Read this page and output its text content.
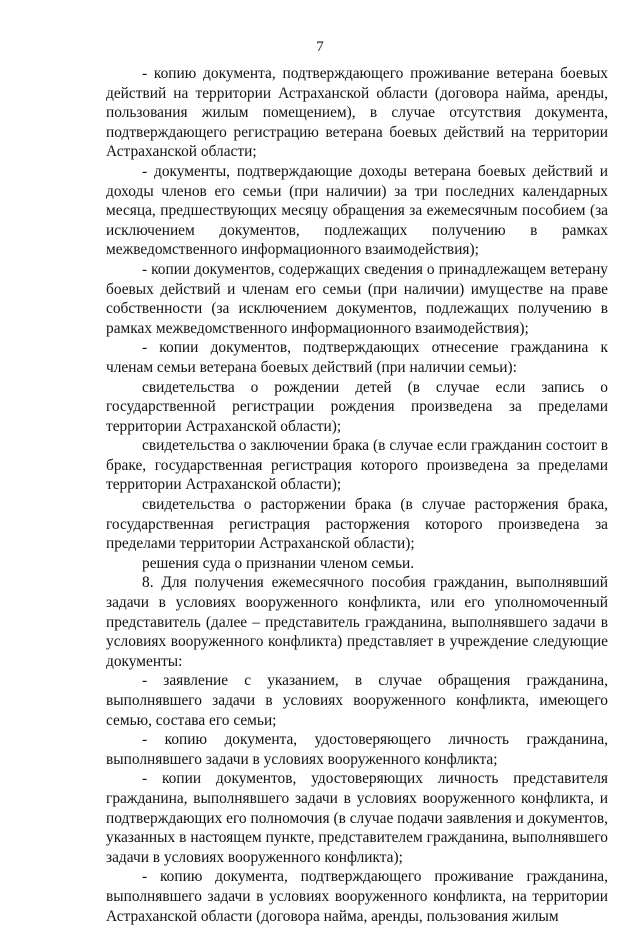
7

- копию документа, подтверждающего проживание ветерана боевых действий на территории Астраханской области (договора найма, аренды, пользования жилым помещением), в случае отсутствия документа, подтверждающего регистрацию ветерана боевых действий на территории Астраханской области;

- документы, подтверждающие доходы ветерана боевых действий и доходы членов его семьи (при наличии) за три последних календарных месяца, предшествующих месяцу обращения за ежемесячным пособием (за исключением документов, подлежащих получению в рамках межведомственного информационного взаимодействия);

- копии документов, содержащих сведения о принадлежащем ветерану боевых действий и членам его семьи (при наличии) имуществе на праве собственности (за исключением документов, подлежащих получению в рамках межведомственного информационного взаимодействия);

- копии документов, подтверждающих отнесение гражданина к членам семьи ветерана боевых действий (при наличии семьи):

свидетельства о рождении детей (в случае если запись о государственной регистрации рождения произведена за пределами территории Астраханской области);

свидетельства о заключении брака (в случае если гражданин состоит в браке, государственная регистрация которого произведена за пределами территории Астраханской области);

свидетельства о расторжении брака (в случае расторжения брака, государственная регистрация расторжения которого произведена за пределами территории Астраханской области);

решения суда о признании членом семьи.

8. Для получения ежемесячного пособия гражданин, выполнявший задачи в условиях вооруженного конфликта, или его уполномоченный представитель (далее – представитель гражданина, выполнявшего задачи в условиях вооруженного конфликта) представляет в учреждение следующие документы:

- заявление с указанием, в случае обращения гражданина, выполнявшего задачи в условиях вооруженного конфликта, имеющего семью, состава его семьи;

- копию документа, удостоверяющего личность гражданина, выполнявшего задачи в условиях вооруженного конфликта;

- копии документов, удостоверяющих личность представителя гражданина, выполнявшего задачи в условиях вооруженного конфликта, и подтверждающих его полномочия (в случае подачи заявления и документов, указанных в настоящем пункте, представителем гражданина, выполнявшего задачи в условиях вооруженного конфликта);

- копию документа, подтверждающего проживание гражданина, выполнявшего задачи в условиях вооруженного конфликта, на территории Астраханской области (договора найма, аренды, пользования жилым
